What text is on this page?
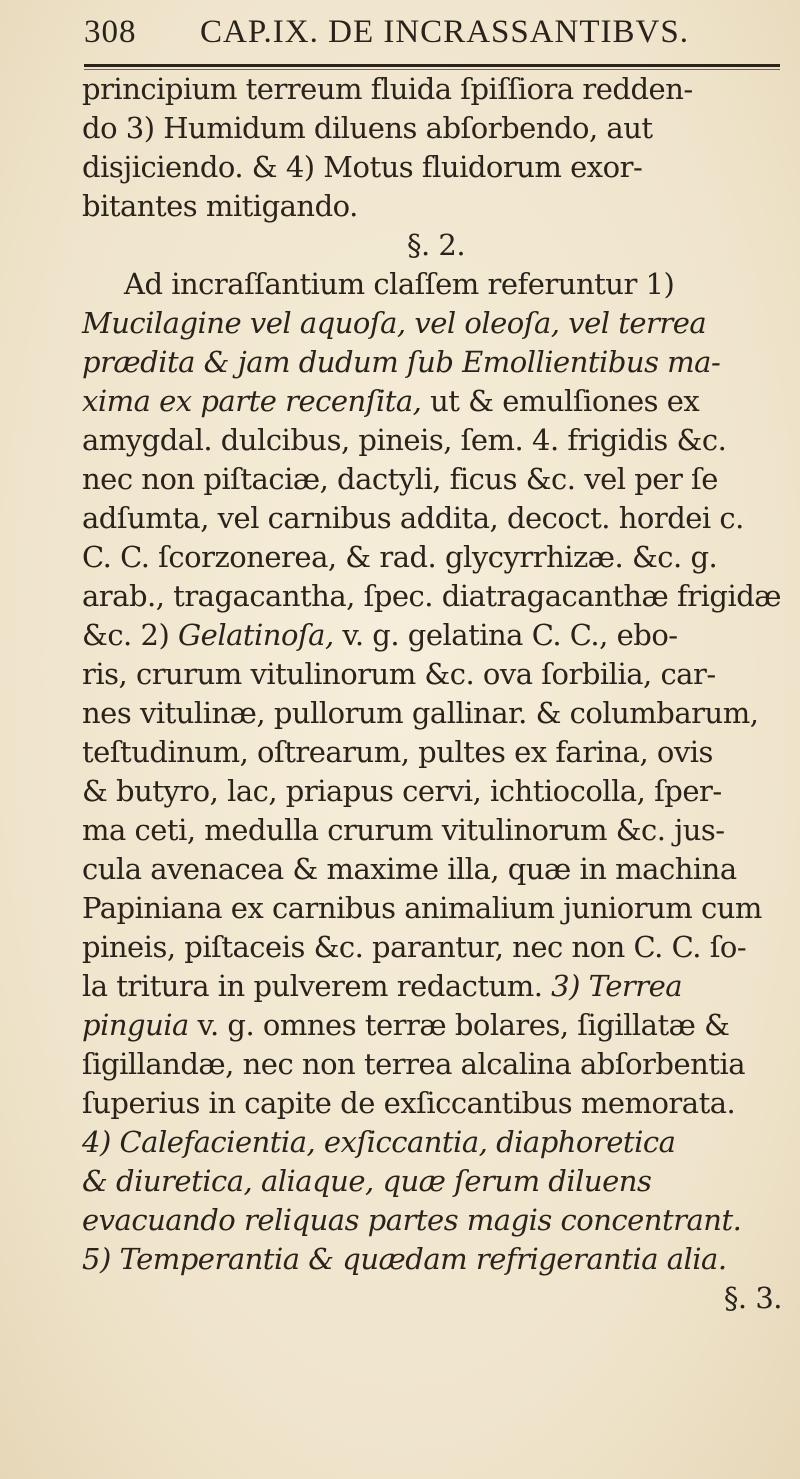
308 CAP.IX. DE INCRASSANTIBVS.
principium terreum fluida ſpiſſiora redden-
do 3) Humidum diluens abſorbendo, aut
disjiciendo. & 4) Motus fluidorum exor-
bitantes mitigando.
§. 2.
Ad incraſſantium claſſem referuntur 1)
Mucilagine vel aquoſa, vel oleoſa, vel terrea
prædita & jam dudum ſub Emollientibus ma-
xima ex parte recenſita, ut & emulſiones ex
amygdal. dulcibus, pineis, ſem. 4. frigidis &c.
nec non piſtaciæ, dactyli, ficus &c. vel per ſe
adſumta, vel carnibus addita, decoct. hordei c.
C. C. ſcorzonerea, & rad. glycyrrhizæ. &c. g.
arab., tragacantha, ſpec. diatragacanthæ frigidæ
&c. 2) Gelatinoſa, v. g. gelatina C. C., ebo-
ris, crurum vitulinorum &c. ova ſorbilia, car-
nes vitulinæ, pullorum gallinar. & columbarum,
teſtudinum, oſtrearum, pultes ex farina, ovis
& butyro, lac, priapus cervi, ichtiocolla, ſper-
ma ceti, medulla crurum vitulinorum &c. jus-
cula avenacea & maxime illa, quæ in machina
Papiniana ex carnibus animalium juniorum cum
pineis, piſtaceis &c. parantur, nec non C. C. ſo-
la tritura in pulverem redactum. 3) Terrea
pinguia v. g. omnes terræ bolares, ſigillatæ &
ſigillandæ, nec non terrea alcalina abſorbentia
ſuperius in capite de exſiccantibus memorata.
4) Calefacientia, exſiccantia, diaphoretica
& diuretica, aliaque, quæ ſerum diluens
evacuando reliquas partes magis concentrant.
5) Temperantia & quædam refrigerantia alia.
§. 3.
